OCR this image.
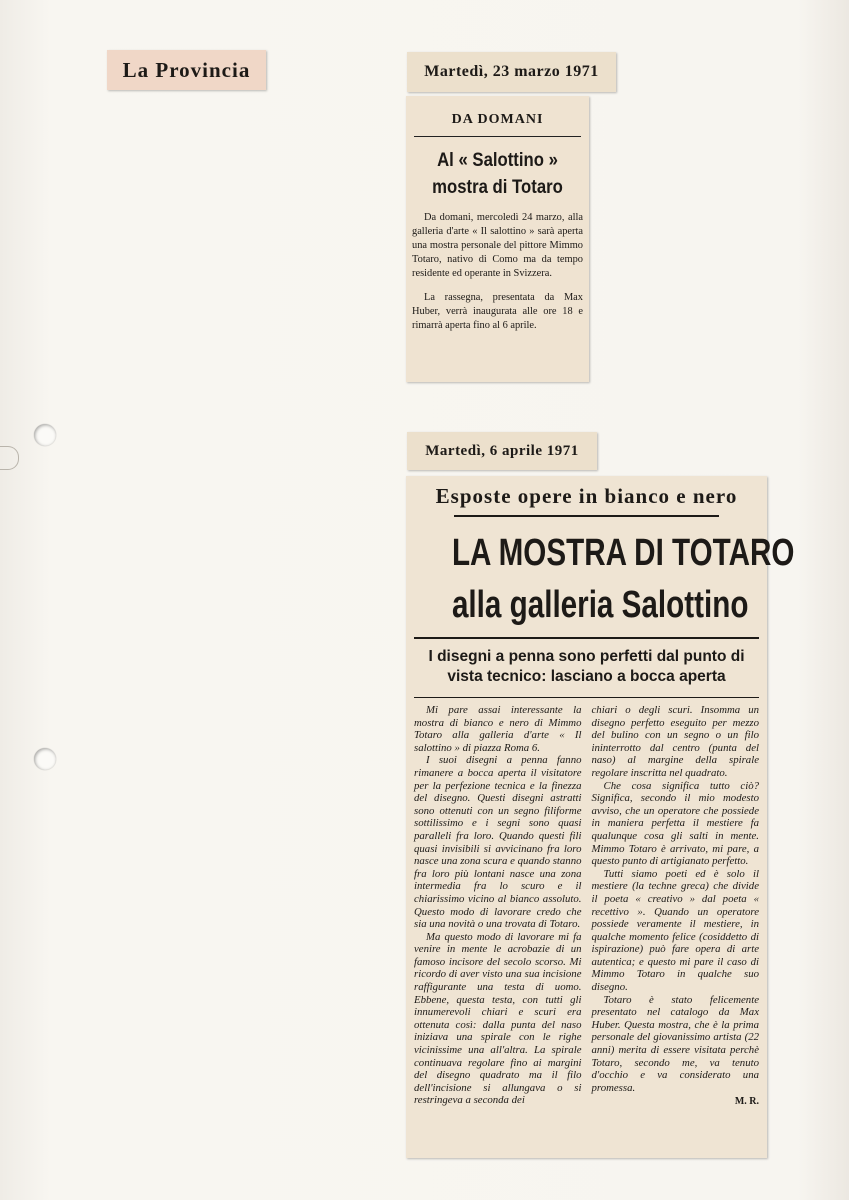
La Provincia	Martedì, 23 marzo 1971
DA DOMANI
Al « Salottino »
mostra di Totaro

Da domani, mercoledì 24 marzo, alla galleria d'arte « Il salottino » sarà aperta una mostra personale del pittore Mimmo Totaro, nativo di Como ma da tempo residente ed operante in Svizzera.

La rassegna, presentata da Max Huber, verrà inaugurata alle ore 18 e rimarrà aperta fino al 6 aprile.

Martedì, 6 aprile 1971
Esposte opere in bianco e nero
LA MOSTRA DI TOTARO
alla galleria Salottino
I disegni a penna sono perfetti dal punto di vista tecnico: lasciano a bocca aperta

Mi pare assai interessante la mostra di bianco e nero di Mimmo Totaro alla galleria d'arte « Il salottino » di piazza Roma 6.

I suoi disegni a penna fanno rimanere a bocca aperta il visitatore per la perfezione tecnica e la finezza del disegno. Questi disegni astratti sono ottenuti con un segno filiforme sottilissimo e i segni sono quasi paralleli fra loro. Quando questi fili quasi invisibili si avvicinano fra loro nasce una zona scura e quando stanno fra loro più lontani nasce una zona intermedia fra lo scuro e il chiarissimo vicino al bianco assoluto. Questo modo di lavorare credo che sia una novità o una trovata di Totaro.

Ma questo modo di lavorare mi fa venire in mente le acrobazie di un famoso incisore del secolo scorso. Mi ricordo di aver visto una sua incisione raffigurante una testa di uomo. Ebbene, questa testa, con tutti gli innumerevoli chiari e scuri era ottenuta così: dalla punta del naso iniziava una spirale con le righe vicinissime una all'altra. La spirale continuava regolare fino ai margini del disegno quadrato ma il filo dell'incisione si allungava o si restringeva a seconda dei

chiari o degli scuri. Insomma un disegno perfetto eseguito per mezzo del bulino con un segno o un filo ininterrotto dal centro (punta del naso) al margine della spirale regolare inscritta nel quadrato.

Che cosa significa tutto ciò? Significa, secondo il mio modesto avviso, che un operatore che possiede in maniera perfetta il mestiere fa qualunque cosa gli salti in mente. Mimmo Totaro è arrivato, mi pare, a questo punto di artigianato perfetto.

Tutti siamo poeti ed è solo il mestiere (la techne greca) che divide il poeta « creativo » dal poeta « recettivo ». Quando un operatore possiede veramente il mestiere, in qualche momento felice (cosiddetto di ispirazione) può fare opera di arte autentica; e questo mi pare il caso di Mimmo Totaro in qualche suo disegno.

Totaro è stato felicemente presentato nel catalogo da Max Huber. Questa mostra, che è la prima personale del giovanissimo artista (22 anni) merita di essere visitata perchè Totaro, secondo me, va tenuto d'occhio e va considerato una promessa.

M. R.
